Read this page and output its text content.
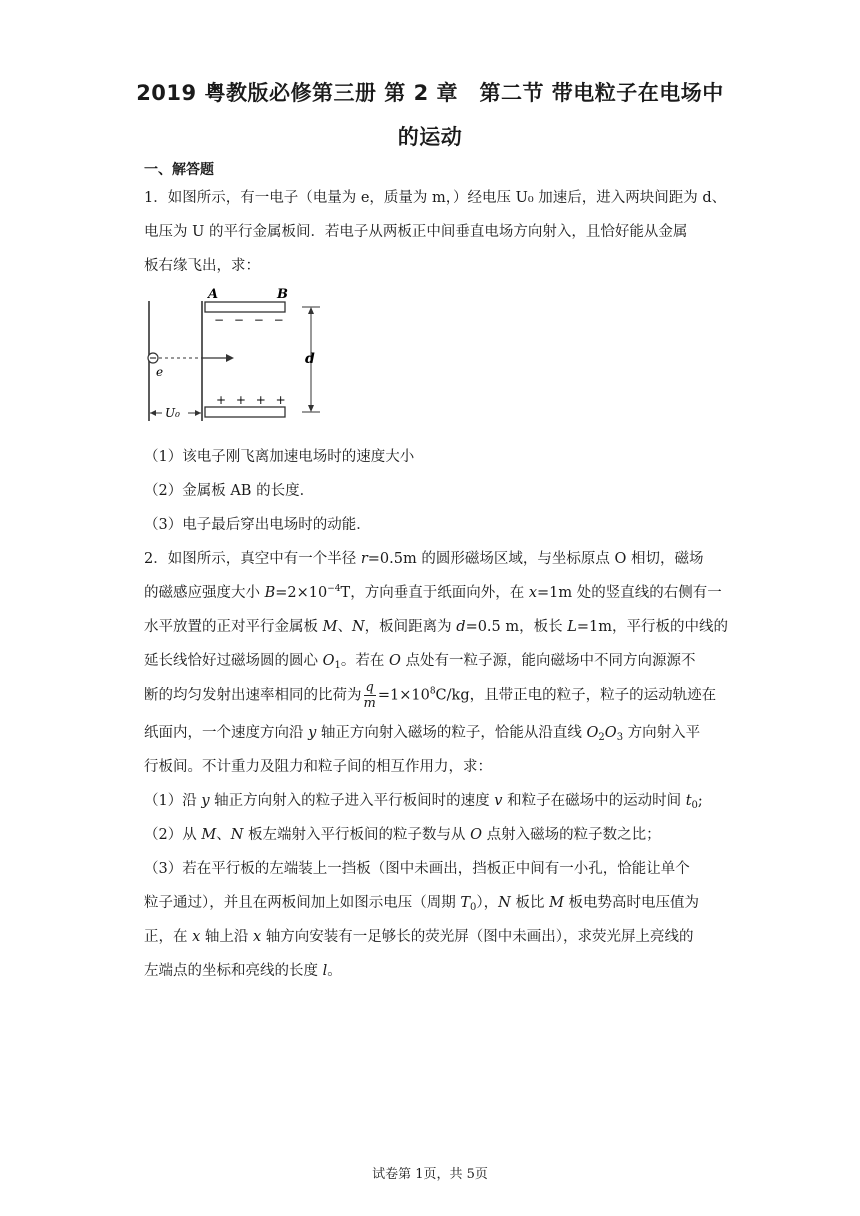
2019 粤教版必修第三册 第 2 章　第二节 带电粒子在电场中
的运动
一、解答题
1．如图所示，有一电子（电量为 e，质量为 m，）经电压 U₀ 加速后，进入两块间距为 d、
电压为 U 的平行金属板间．若电子从两板正中间垂直电场方向射入，且恰好能从金属
板右缘飞出，求：
A	B
− − − −
+ + + +
e
d
U₀
（1）该电子刚飞离加速电场时的速度大小
（2）金属板 AB 的长度．
（3）电子最后穿出电场时的动能．
2．如图所示，真空中有一个半径 r=0.5m 的圆形磁场区域，与坐标原点 O 相切，磁场
的磁感应强度大小 $B=2\times 10^{-4}T$，方向垂直于纸面向外，在 x=1m 处的竖直线的右侧有一
水平放置的正对平行金属板 M、N，板间距离为 d=0.5 m，板长 L=1m，平行板的中线的
延长线恰好过磁场圆的圆心 $O_1$。若在 O 点处有一粒子源，能向磁场中不同方向源源不
断的均匀发射出速率相同的比荷为 $\frac{q}{m} =1\times 10^8C/kg$，且带正电的粒子，粒子的运动轨迹在
纸面内，一个速度方向沿 y 轴正方向射入磁场的粒子，恰能从沿直线 $O_2O_3$ 方向射入平
行板间。不计重力及阻力和粒子间的相互作用力，求：
（1）沿 y 轴正方向射入的粒子进入平行板间时的速度 v 和粒子在磁场中的运动时间 $t_0$;
（2）从 M、N 板左端射入平行板间的粒子数与从 O 点射入磁场的粒子数之比；
（3）若在平行板的左端装上一挡板（图中未画出，挡板正中间有一小孔，恰能让单个
粒子通过），并且在两板间加上如图示电压（周期 $T_0$），N 板比 M 板电势高时电压值为
正，在 x 轴上沿 x 轴方向安装有一足够长的荧光屏（图中未画出），求荧光屏上亮线的
左端点的坐标和亮线的长度 l。
试卷第 1页，共 5页
